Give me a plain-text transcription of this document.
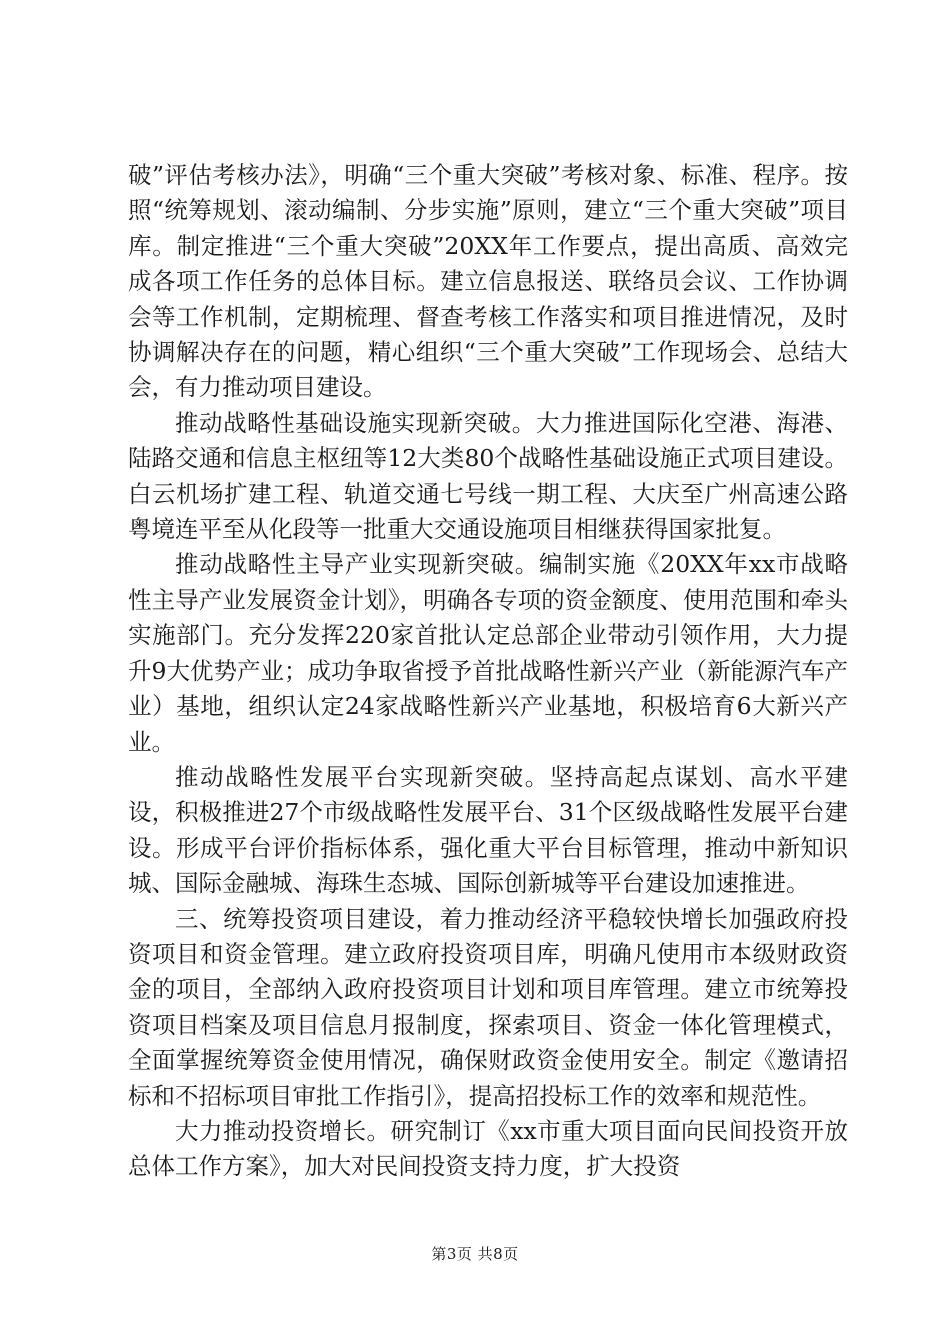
破”评估考核办法》，明确“三个重大突破”考核对象、标准、程序。按照“统筹规划、滚动编制、分步实施”原则，建立“三个重大突破”项目库。制定推进“三个重大突破”20XX年工作要点，提出高质、高效完成各项工作任务的总体目标。建立信息报送、联络员会议、工作协调会等工作机制，定期梳理、督查考核工作落实和项目推进情况，及时协调解决存在的问题，精心组织“三个重大突破”工作现场会、总结大会，有力推动项目建设。

推动战略性基础设施实现新突破。大力推进国际化空港、海港、陆路交通和信息主枢纽等12大类80个战略性基础设施正式项目建设。白云机场扩建工程、轨道交通七号线一期工程、大庆至广州高速公路粤境连平至从化段等一批重大交通设施项目相继获得国家批复。

推动战略性主导产业实现新突破。编制实施《20XX年xx市战略性主导产业发展资金计划》，明确各专项的资金额度、使用范围和牵头实施部门。充分发挥220家首批认定总部企业带动引领作用，大力提升9大优势产业；成功争取省授予首批战略性新兴产业（新能源汽车产业）基地，组织认定24家战略性新兴产业基地，积极培育6大新兴产业。

推动战略性发展平台实现新突破。坚持高起点谋划、高水平建设，积极推进27个市级战略性发展平台、31个区级战略性发展平台建设。形成平台评价指标体系，强化重大平台目标管理，推动中新知识城、国际金融城、海珠生态城、国际创新城等平台建设加速推进。

三、统筹投资项目建设，着力推动经济平稳较快增长加强政府投资项目和资金管理。建立政府投资项目库，明确凡使用市本级财政资金的项目，全部纳入政府投资项目计划和项目库管理。建立市统筹投资项目档案及项目信息月报制度，探索项目、资金一体化管理模式，全面掌握统筹资金使用情况，确保财政资金使用安全。制定《邀请招标和不招标项目审批工作指引》，提高招投标工作的效率和规范性。

大力推动投资增长。研究制订《xx市重大项目面向民间投资开放总体工作方案》，加大对民间投资支持力度，扩大投资

第3页 共8页
